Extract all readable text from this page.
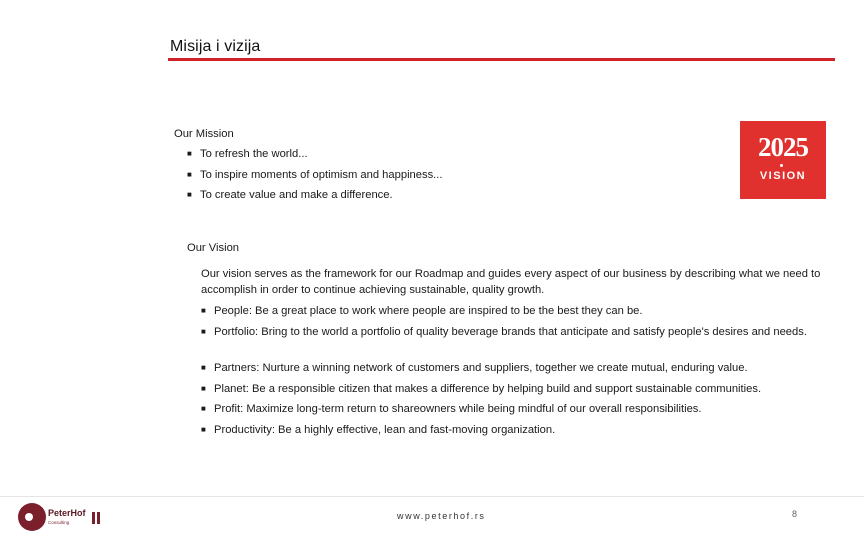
Misija i vizija
Our Mission
■ To refresh the world...
■ To inspire moments of optimism and happiness...
■ To create value and make a difference.
Our Vision
Our vision serves as the framework for our Roadmap and guides every aspect of our business by describing what we need to accomplish in order to continue achieving sustainable, quality growth.
■ People: Be a great place to work where people are inspired to be the best they can be.
■ Portfolio: Bring to the world a portfolio of quality beverage brands that anticipate and satisfy people's desires and needs.
■ Partners: Nurture a winning network of customers and suppliers, together we create mutual, enduring value.
■ Planet: Be a responsible citizen that makes a difference by helping build and support sustainable communities.
■ Profit: Maximize long-term return to shareowners while being mindful of our overall responsibilities.
■ Productivity: Be a highly effective, lean and fast-moving organization.
2025
VISION
PeterHof
Consulting
www.peterhof.rs	8
